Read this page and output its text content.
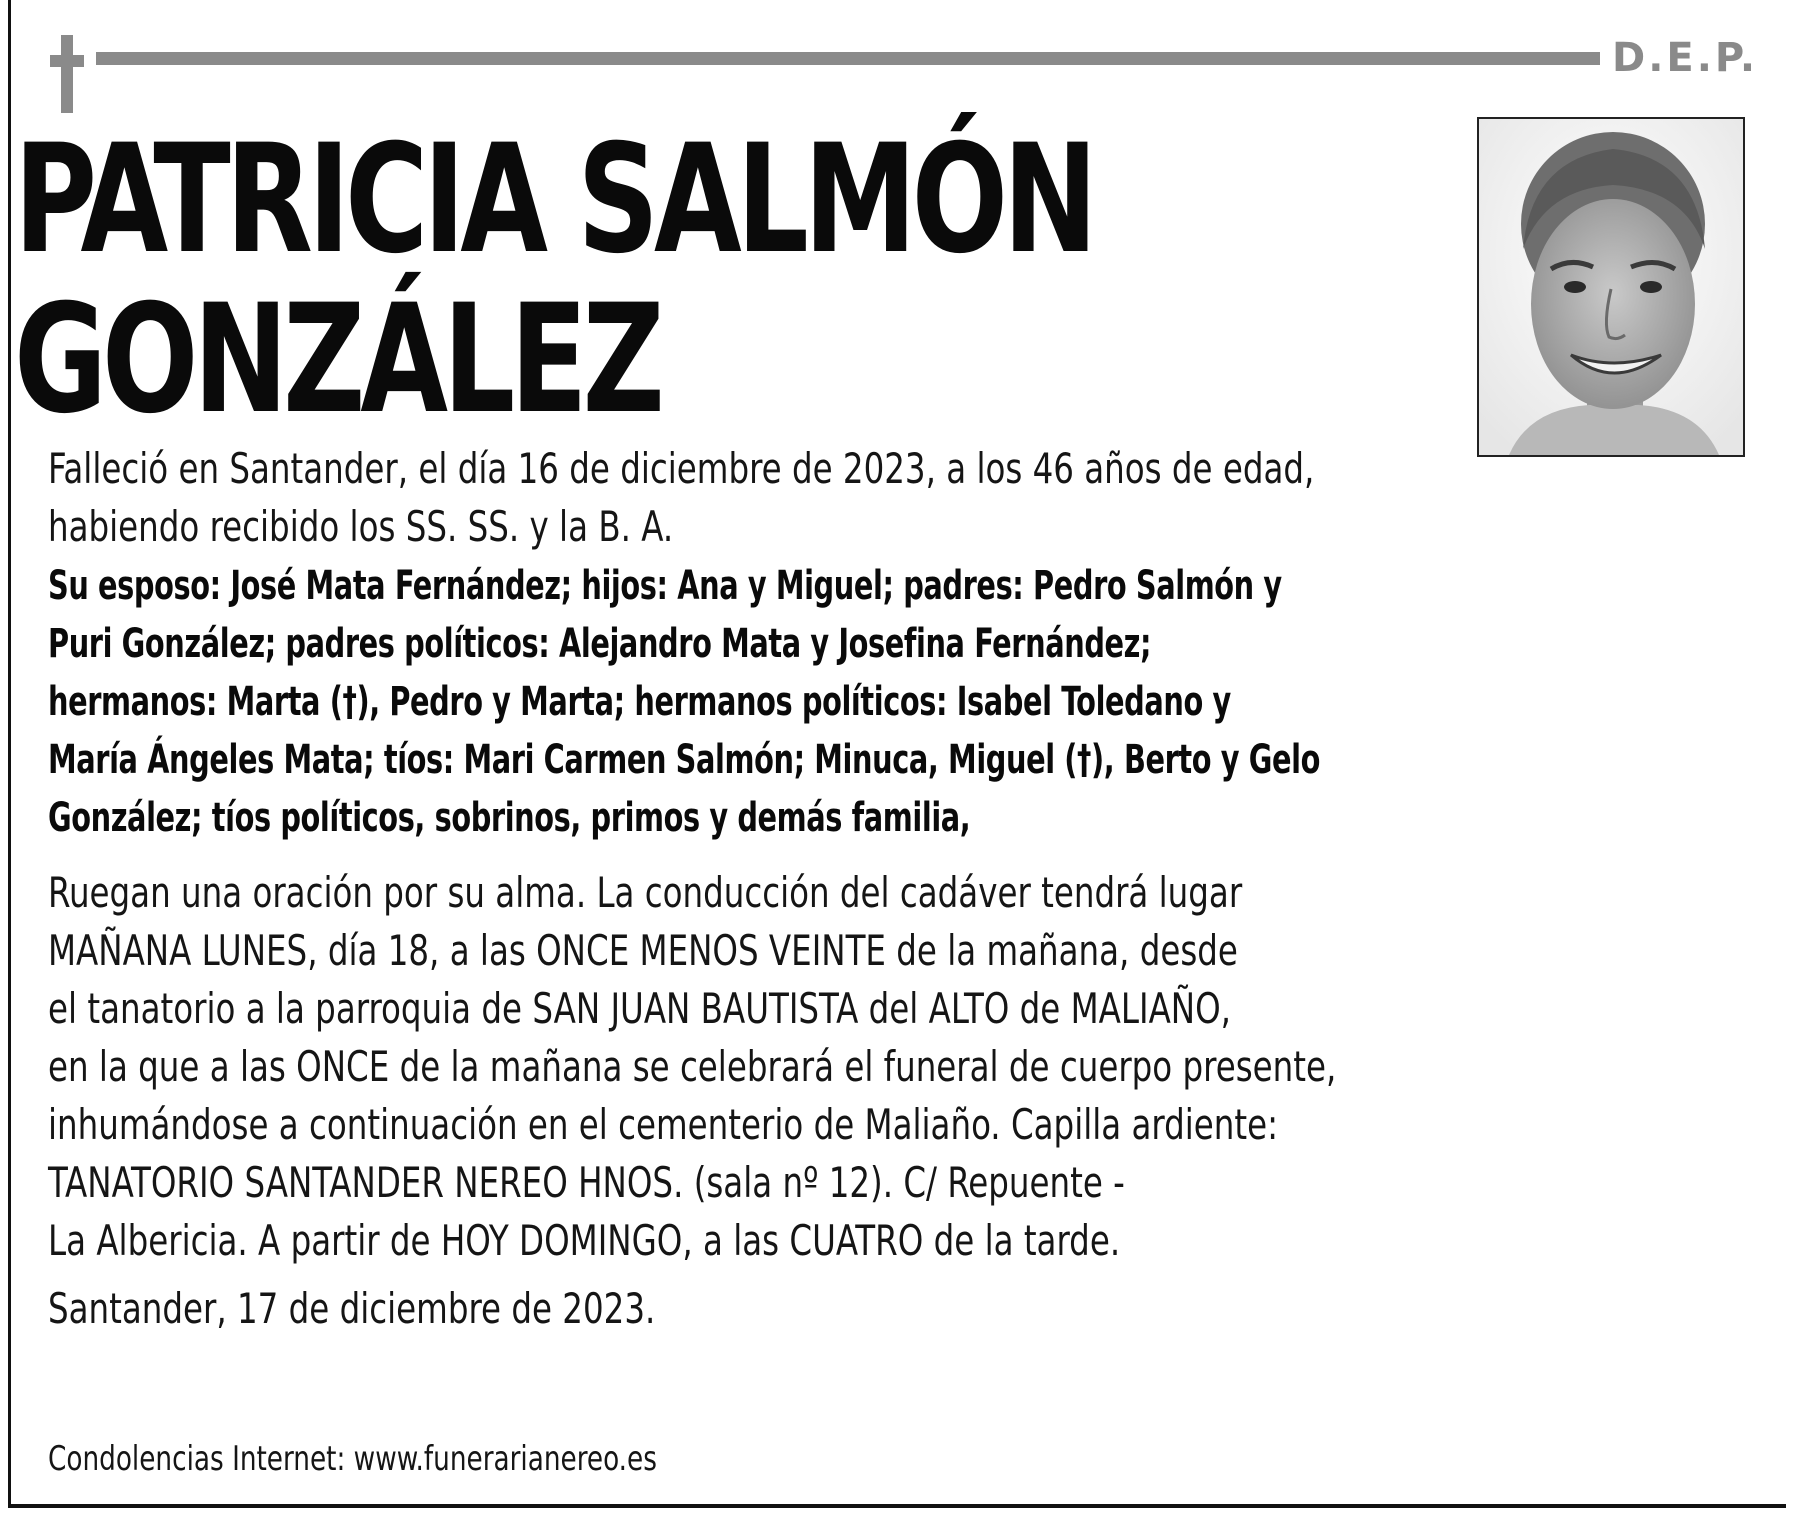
D.E.P.
PATRICIA SALMÓN
GONZÁLEZ
Falleció en Santander, el día 16 de diciembre de 2023, a los 46 años de edad,
habiendo recibido los SS. SS. y la B. A.
Su esposo: José Mata Fernández; hijos: Ana y Miguel; padres: Pedro Salmón y
Puri González; padres políticos: Alejandro Mata y Josefina Fernández;
hermanos: Marta (†), Pedro y Marta; hermanos políticos: Isabel Toledano y
María Ángeles Mata; tíos: Mari Carmen Salmón; Minuca, Miguel (†), Berto y Gelo
González; tíos políticos, sobrinos, primos y demás familia,
Ruegan una oración por su alma. La conducción del cadáver tendrá lugar
MAÑANA LUNES, día 18, a las ONCE MENOS VEINTE de la mañana, desde
el tanatorio a la parroquia de SAN JUAN BAUTISTA del ALTO de MALIAÑO,
en la que a las ONCE de la mañana se celebrará el funeral de cuerpo presente,
inhumándose a continuación en el cementerio de Maliaño. Capilla ardiente:
TANATORIO SANTANDER NEREO HNOS. (sala nº 12). C/ Repuente -
La Albericia. A partir de HOY DOMINGO, a las CUATRO de la tarde.
Santander, 17 de diciembre de 2023.
Condolencias Internet: www.funerarianereo.es
